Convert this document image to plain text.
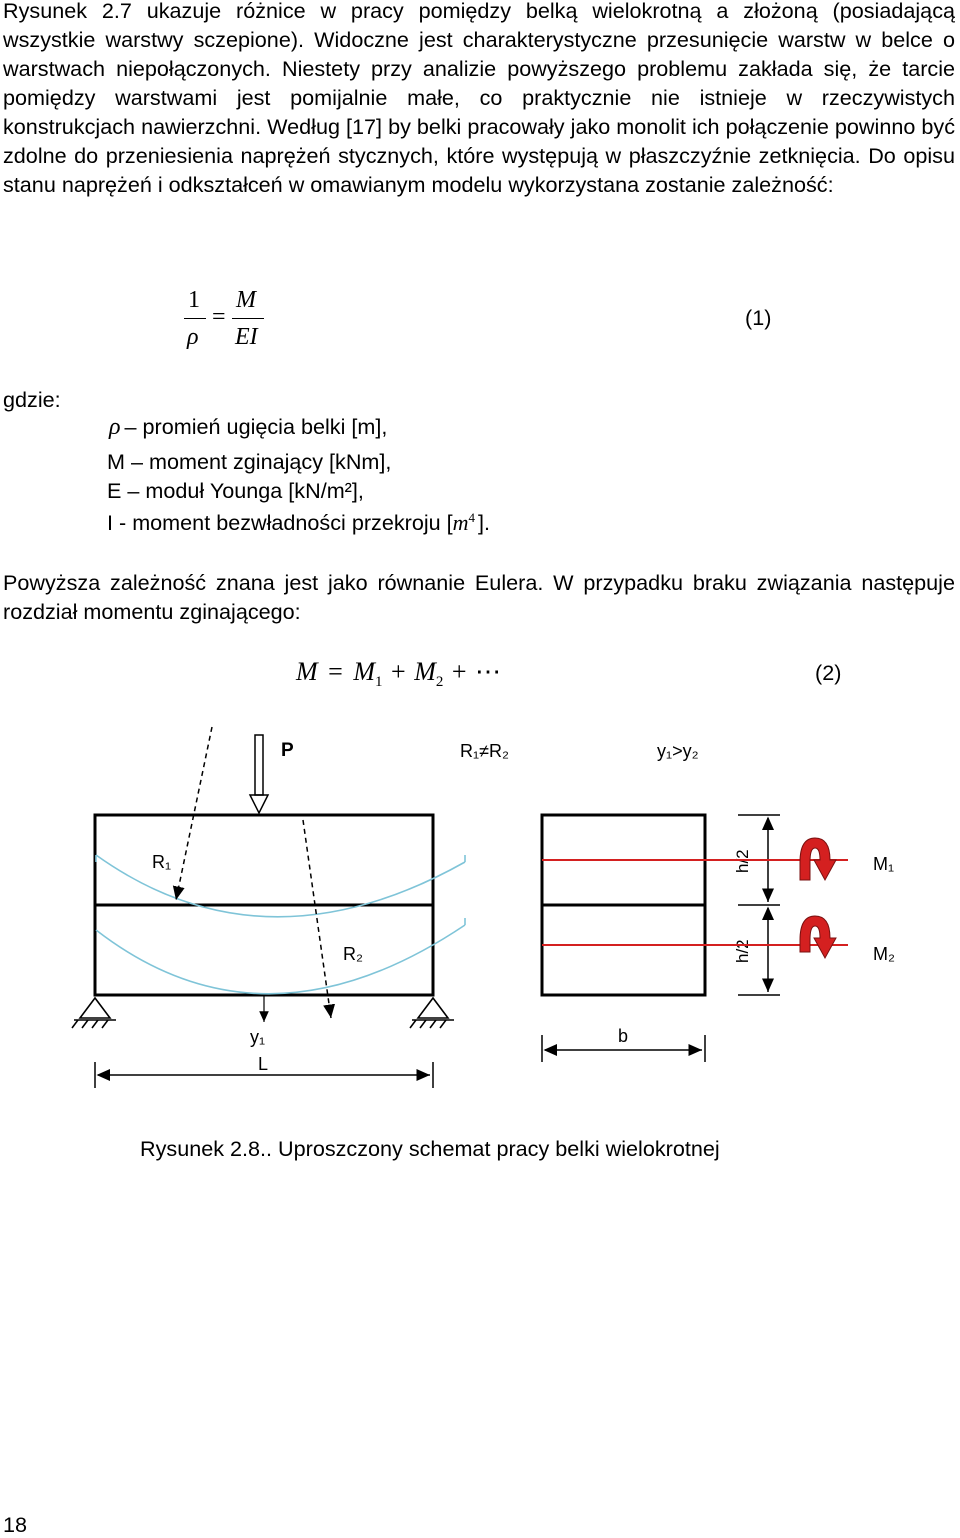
Rysunek 2.7 ukazuje różnice w pracy pomiędzy belką wielokrotną a złożoną (posiadającą wszystkie warstwy sczepione). Widoczne jest charakterystyczne przesunięcie warstw w belce o warstwach niepołączonych. Niestety przy analizie powyższego problemu zakłada się, że tarcie pomiędzy warstwami jest pomijalnie małe, co praktycznie nie istnieje w rzeczywistych konstrukcjach nawierzchni. Według [17] by belki pracowały jako monolit ich połączenie powinno być zdolne do przeniesienia naprężeń stycznych, które występują w płaszczyźnie zetknięcia. Do opisu stanu naprężeń i odkształceń w omawianym modelu wykorzystana zostanie zależność:

1
ρ
=
M
EI
(1)
gdzie:
ρ – promień ugięcia belki [m],
M – moment zginający [kNm],
E – moduł Younga [kN/m²],
I - moment bezwładności przekroju [$m^4$ ].

Powyższa zależność znana jest jako równanie Eulera. W przypadku braku związania następuje rozdział momentu zginającego:

$M = M_1 + M_2$ + ⋯	(2)
P
R₁
R₂
y₁
L
R₁≠R₂	y₁>y₂
h/2
h/2
b
M₁
M₂
Rysunek 2.8.. Uproszczony schemat pracy belki wielokrotnej
18
